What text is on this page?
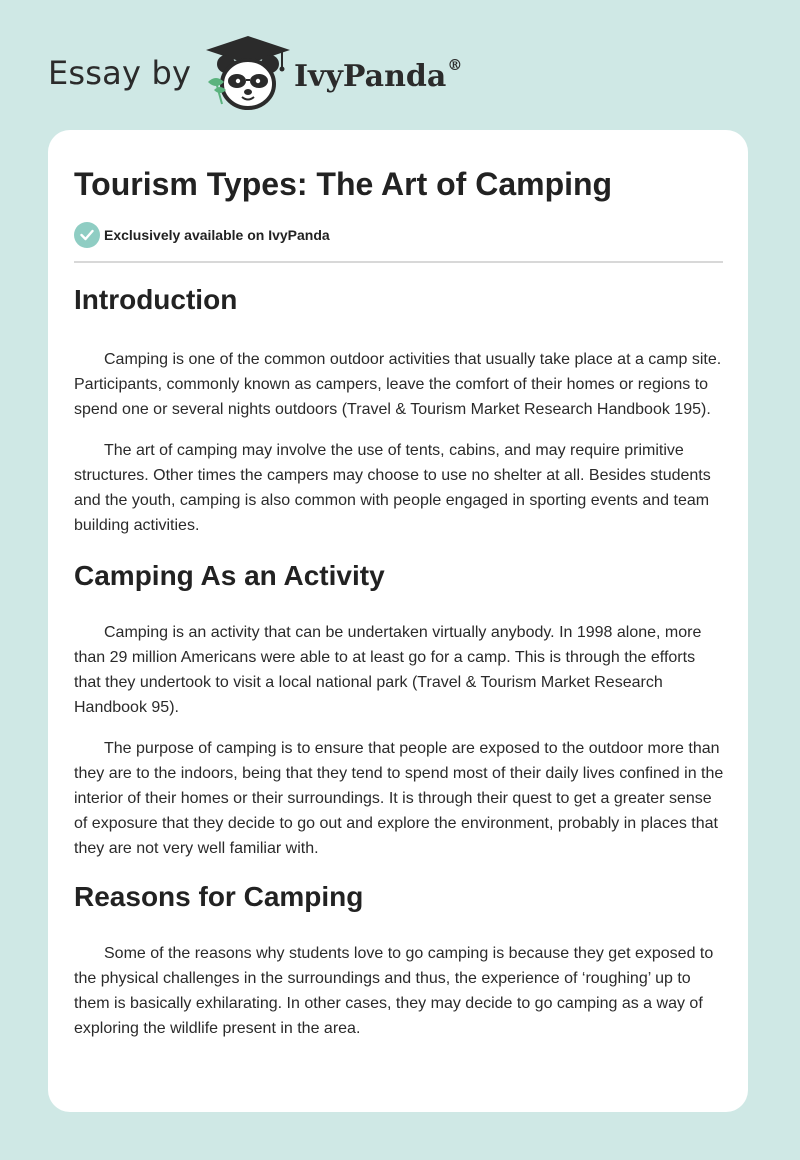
Essay by	IvyPanda®
Tourism Types: The Art of Camping
Exclusively available on IvyPanda
Introduction

Camping is one of the common outdoor activities that usually take place at a camp site. Participants, commonly known as campers, leave the comfort of their homes or regions to spend one or several nights outdoors (Travel & Tourism Market Research Handbook 195).

The art of camping may involve the use of tents, cabins, and may require primitive structures. Other times the campers may choose to use no shelter at all. Besides students and the youth, camping is also common with people engaged in sporting events and team building activities.

Camping As an Activity

Camping is an activity that can be undertaken virtually anybody. In 1998 alone, more than 29 million Americans were able to at least go for a camp. This is through the efforts that they undertook to visit a local national park (Travel & Tourism Market Research Handbook 95).

The purpose of camping is to ensure that people are exposed to the outdoor more than they are to the indoors, being that they tend to spend most of their daily lives confined in the interior of their homes or their surroundings. It is through their quest to get a greater sense of exposure that they decide to go out and explore the environment, probably in places that they are not very well familiar with.

Reasons for Camping

Some of the reasons why students love to go camping is because they get exposed to the physical challenges in the surroundings and thus, the experience of ‘roughing’ up to them is basically exhilarating. In other cases, they may decide to go camping as a way of exploring the wildlife present in the area.
